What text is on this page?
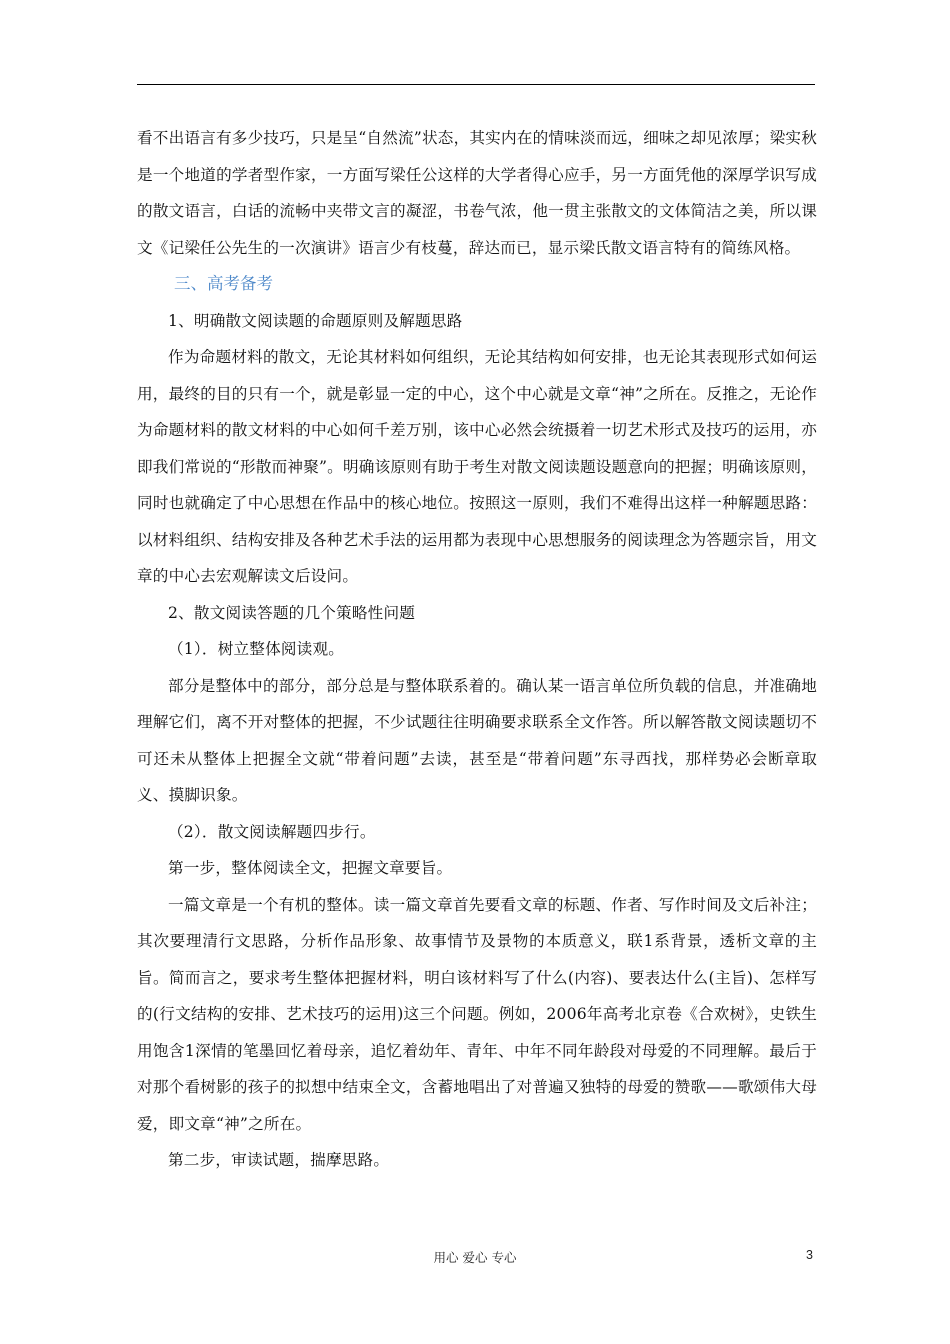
看不出语言有多少技巧，只是呈“自然流”状态，其实内在的情味淡而远，细味之却见浓厚；梁实秋是一个地道的学者型作家，一方面写梁任公这样的大学者得心应手，另一方面凭他的深厚学识写成的散文语言，白话的流畅中夹带文言的凝涩，书卷气浓，他一贯主张散文的文体简洁之美，所以课文《记梁任公先生的一次演讲》语言少有枝蔓，辞达而已，显示梁氏散文语言特有的简练风格。

三、高考备考

1、明确散文阅读题的命题原则及解题思路

作为命题材料的散文，无论其材料如何组织，无论其结构如何安排，也无论其表现形式如何运用，最终的目的只有一个，就是彰显一定的中心，这个中心就是文章“神”之所在。反推之，无论作为命题材料的散文材料的中心如何千差万别，该中心必然会统摄着一切艺术形式及技巧的运用，亦即我们常说的“形散而神聚”。明确该原则有助于考生对散文阅读题设题意向的把握；明确该原则，同时也就确定了中心思想在作品中的核心地位。按照这一原则，我们不难得出这样一种解题思路：以材料组织、结构安排及各种艺术手法的运用都为表现中心思想服务的阅读理念为答题宗旨，用文章的中心去宏观解读文后设问。

2、散文阅读答题的几个策略性问题

（1）．树立整体阅读观。

部分是整体中的部分，部分总是与整体联系着的。确认某一语言单位所负载的信息，并准确地理解它们，离不开对整体的把握，不少试题往往明确要求联系全文作答。所以解答散文阅读题切不可还未从整体上把握全文就“带着问题”去读，甚至是“带着问题”东寻西找，那样势必会断章取义、摸脚识象。

（2）．散文阅读解题四步行。

第一步，整体阅读全文，把握文章要旨。

一篇文章是一个有机的整体。读一篇文章首先要看文章的标题、作者、写作时间及文后补注；其次要理清行文思路，分析作品形象、故事情节及景物的本质意义，联1系背景，透析文章的主旨。简而言之，要求考生整体把握材料，明白该材料写了什么(内容)、要表达什么(主旨)、怎样写的(行文结构的安排、艺术技巧的运用)这三个问题。例如，2006年高考北京卷《合欢树》，史铁生用饱含1深情的笔墨回忆着母亲，追忆着幼年、青年、中年不同年龄段对母爱的不同理解。最后于对那个看树影的孩子的拟想中结束全文，含蓄地唱出了对普遍又独特的母爱的赞歌——歌颂伟大母爱，即文章“神”之所在。

第二步，审读试题，揣摩思路。

用心 爱心 专心	3
